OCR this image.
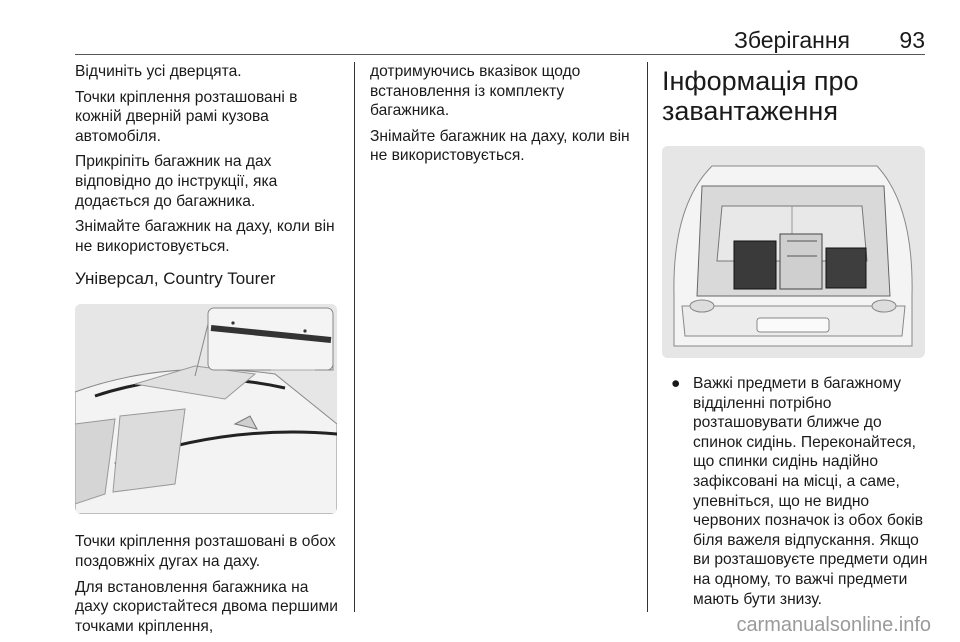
Зберігання	93

Відчиніть усі дверцята.

Точки кріплення розташовані в кожній дверній рамі кузова автомобіля.

Прикріпіть багажник на дах відповідно до інструкції, яка додається до багажника.

Знімайте багажник на даху, коли він не використовується.

Універсал, Country Tourer

Точки кріплення розташовані в обох поздовжніх дугах на даху.

Для встановлення багажника на даху скористайтеся двома першими точками кріплення,

дотримуючись вказівок щодо встановлення із комплекту багажника.

Знімайте багажник на даху, коли він не використовується.

Інформація про завантаження
● Важкі предмети в багажному відділенні потрібно розташовувати ближче до спинок сидінь. Переконайтеся, що спинки сидінь надійно зафіксовані на місці, а саме, упевніться, що не видно червоних позначок із обох боків біля важеля відпускання. Якщо ви розташовуєте предмети один на одному, то важчі предмети мають бути знизу.
carmanualsonline.info
